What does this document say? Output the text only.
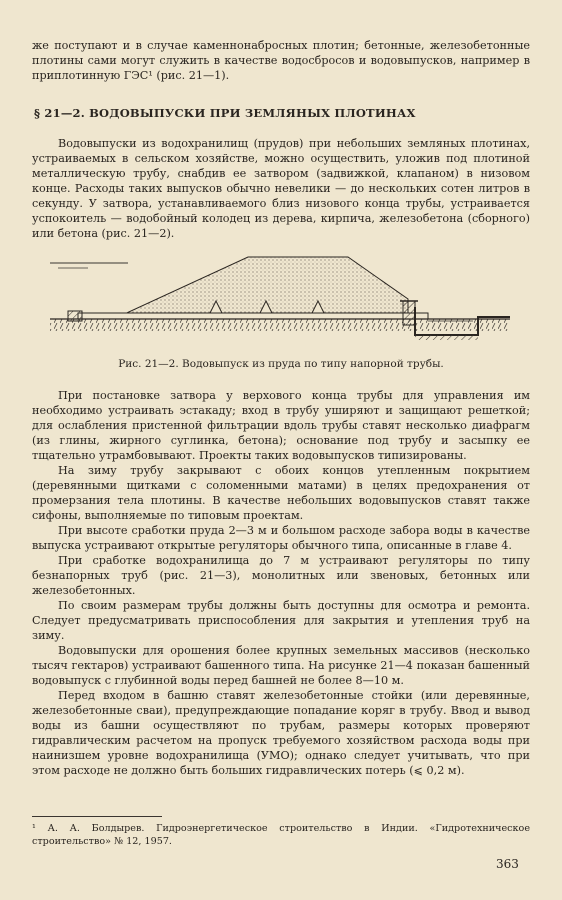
же поступают и в случае каменнонабросных плотин; бетонные, железобетонные плотины сами могут служить в качестве водосбросов и водовыпусков, например в приплотинную ГЭС¹ (рис. 21—1).

§ 21—2. ВОДОВЫПУСКИ ПРИ ЗЕМЛЯНЫХ ПЛОТИНАХ

Водовыпуски из водохранилищ (прудов) при небольших земляных плотинах, устраиваемых в сельском хозяйстве, можно осуществить, уложив под плотиной металлическую трубу, снабдив ее затвором (задвижкой, клапаном) в низовом конце. Расходы таких выпусков обычно невелики — до нескольких сотен литров в секунду. У затвора, устанавливаемого близ низового конца трубы, устраивается успокоитель — водобойный колодец из дерева, кирпича, железобетона (сборного) или бетона (рис. 21—2).

Рис. 21—2. Водовыпуск из пруда по типу напорной трубы.

При постановке затвора у верхового конца трубы для управления им необходимо устраивать эстакаду; вход в трубу уширяют и защищают решеткой; для ослабления пристенной фильтрации вдоль трубы ставят несколько диафрагм (из глины, жирного суглинка, бетона); основание под трубу и засыпку ее тщательно утрамбовывают. Проекты таких водовыпусков типизированы.

На зиму трубу закрывают с обоих концов утепленным покрытием (деревянными щитками с соломенными матами) в целях предохранения от промерзания тела плотины. В качестве небольших водовыпусков ставят также сифоны, выполняемые по типовым проектам.

При высоте сработки пруда 2—3 м и большом расходе забора воды в качестве выпуска устраивают открытые регуляторы обычного типа, описанные в главе 4.

При сработке водохранилища до 7 м устраивают регуляторы по типу безнапорных труб (рис. 21—3), монолитных или звеновых, бетонных или железобетонных.

По своим размерам трубы должны быть доступны для осмотра и ремонта. Следует предусматривать приспособления для закрытия и утепления труб на зиму.

Водовыпуски для орошения более крупных земельных массивов (несколько тысяч гектаров) устраивают башенного типа. На рисунке 21—4 показан башенный водовыпуск с глубинной воды перед башней не более 8—10 м.

Перед входом в башню ставят железобетонные стойки (или деревянные, железобетонные сваи), предупреждающие попадание коряг в трубу. Ввод и вывод воды из башни осуществляют по трубам, размеры которых проверяют гидравлическим расчетом на пропуск требуемого хозяйством расхода воды при наинизшем уровне водохранилища (УМО); однако следует учитывать, что при этом расходе не должно быть больших гидравлических потерь (⩽ 0,2 м).

¹ А. А. Болдырев. Гидроэнергетическое строительство в Индии. «Гидротехническое строительство» № 12, 1957.
363
